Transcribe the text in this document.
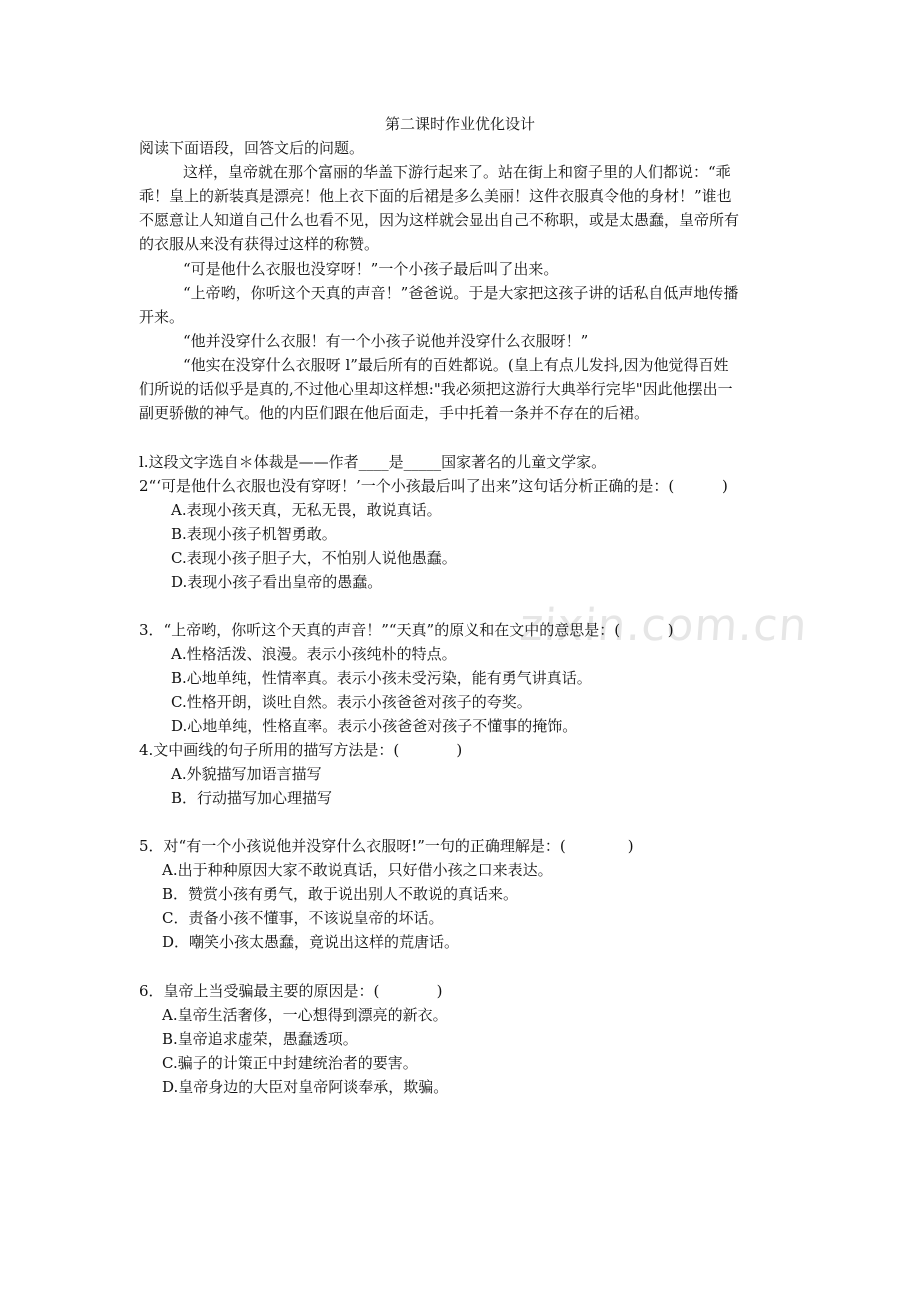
zixin.com.cn
第二课时作业优化设计
阅读下面语段，回答文后的问题。
这样，皇帝就在那个富丽的华盖下游行起来了。站在街上和窗子里的人们都说：“乖
乖！皇上的新装真是漂亮！他上衣下面的后裙是多么美丽！这件衣服真令他的身材！”谁也
不愿意让人知道自己什么也看不见，因为这样就会显出自己不称职，或是太愚蠢，皇帝所有
的衣服从来没有获得过这样的称赞。
“可是他什么衣服也没穿呀！”一个小孩子最后叫了出来。
“上帝哟，你听这个天真的声音！”爸爸说。于是大家把这孩子讲的话私自低声地传播
开来。
“他并没穿什么衣服！有一个小孩子说他并没穿什么衣服呀！”
“他实在没穿什么衣服呀 l”最后所有的百姓都说。(皇上有点儿发抖,因为他觉得百姓
们所说的话似乎是真的,不过他心里却这样想:"我必须把这游行大典举行完毕"因此他摆出一
副更骄傲的神气。他的内臣们跟在他后面走，手中托着一条并不存在的后裙。
l.这段文字选自＊体裁是——作者____是_____国家著名的儿童文学家。
2“‘可是他什么衣服也没有穿呀！’一个小孩最后叫了出来”这句话分析正确的是：(          )
A.表现小孩天真，无私无畏，敢说真话。
B.表现小孩子机智勇敢。
C.表现小孩子胆子大，不怕别人说他愚蠢。
D.表现小孩子看出皇帝的愚蠢。
3．“上帝哟，你听这个天真的声音！”“天真”的原义和在文中的意思是：(          )
A.性格活泼、浪漫。表示小孩纯朴的特点。
B.心地单纯，性情率真。表示小孩未受污染，能有勇气讲真话。
C.性格开朗，谈吐自然。表示小孩爸爸对孩子的夸奖。
D.心地单纯，性格直率。表示小孩爸爸对孩子不懂事的掩饰。
4.文中画线的句子所用的描写方法是：(            )
A.外貌描写加语言描写
B．行动描写加心理描写
5．对“有一个小孩说他并没穿什么衣服呀!”一句的正确理解是：(             )
A.出于种种原因大家不敢说真话，只好借小孩之口来表达。
B．赞赏小孩有勇气，敢于说出别人不敢说的真话来。
C．责备小孩不懂事，不该说皇帝的坏话。
D．嘲笑小孩太愚蠢，竟说出这样的荒唐话。
6．皇帝上当受骗最主要的原因是：(            )
A.皇帝生活奢侈，一心想得到漂亮的新衣。
B.皇帝追求虚荣，愚蠢透项。
C.骗子的计策正中封建统治者的要害。
D.皇帝身边的大臣对皇帝阿谈奉承，欺骗。
